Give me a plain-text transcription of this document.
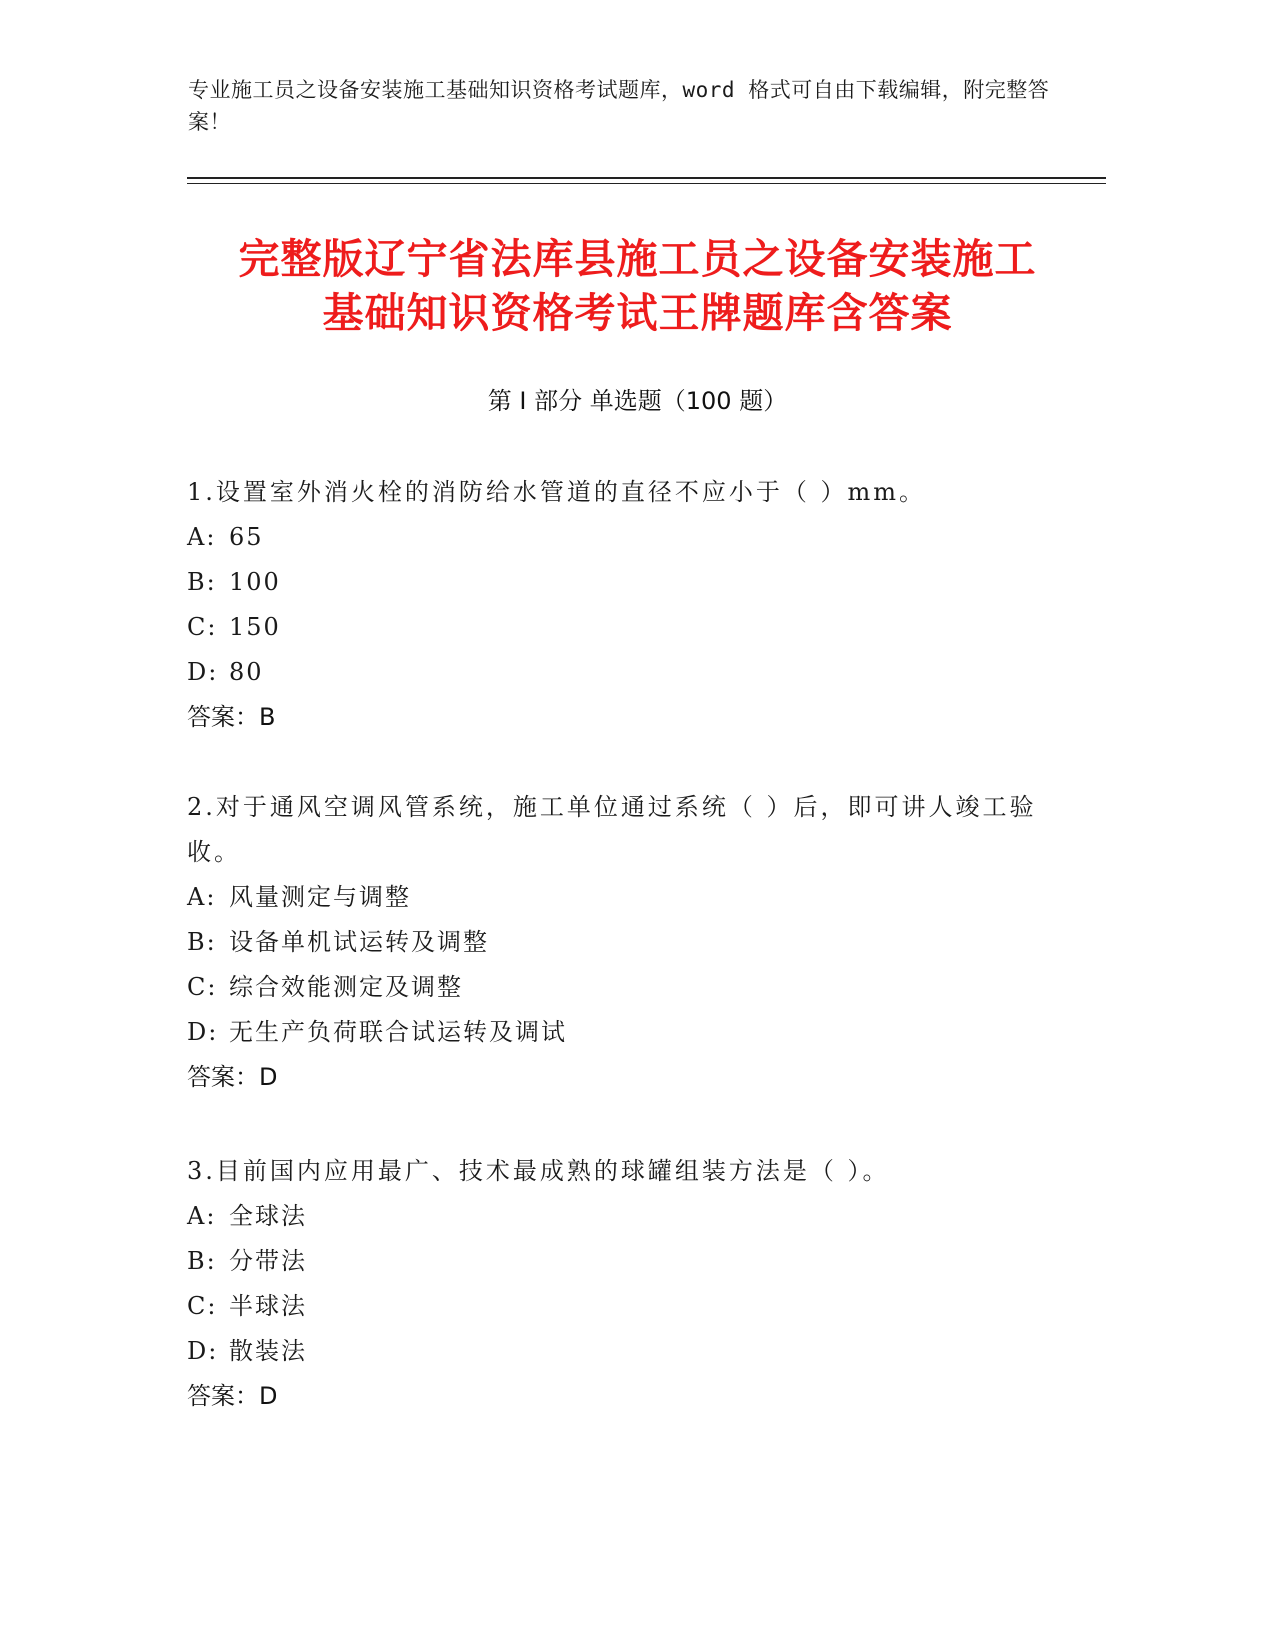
专业施工员之设备安装施工基础知识资格考试题库，word 格式可自由下载编辑，附完整答案！
完整版辽宁省法库县施工员之设备安装施工
基础知识资格考试王牌题库含答案
第 I 部分 单选题（100 题）
1.设置室外消火栓的消防给水管道的直径不应小于（ ）mm。
A: 65
B: 100
C: 150
D: 80
答案：B
2.对于通风空调风管系统，施工单位通过系统（ ）后，即可讲人竣工验收。
A: 风量测定与调整
B: 设备单机试运转及调整
C: 综合效能测定及调整
D: 无生产负荷联合试运转及调试
答案：D
3.目前国内应用最广、技术最成熟的球罐组装方法是（ ）。
A: 全球法
B: 分带法
C: 半球法
D: 散装法
答案：D
